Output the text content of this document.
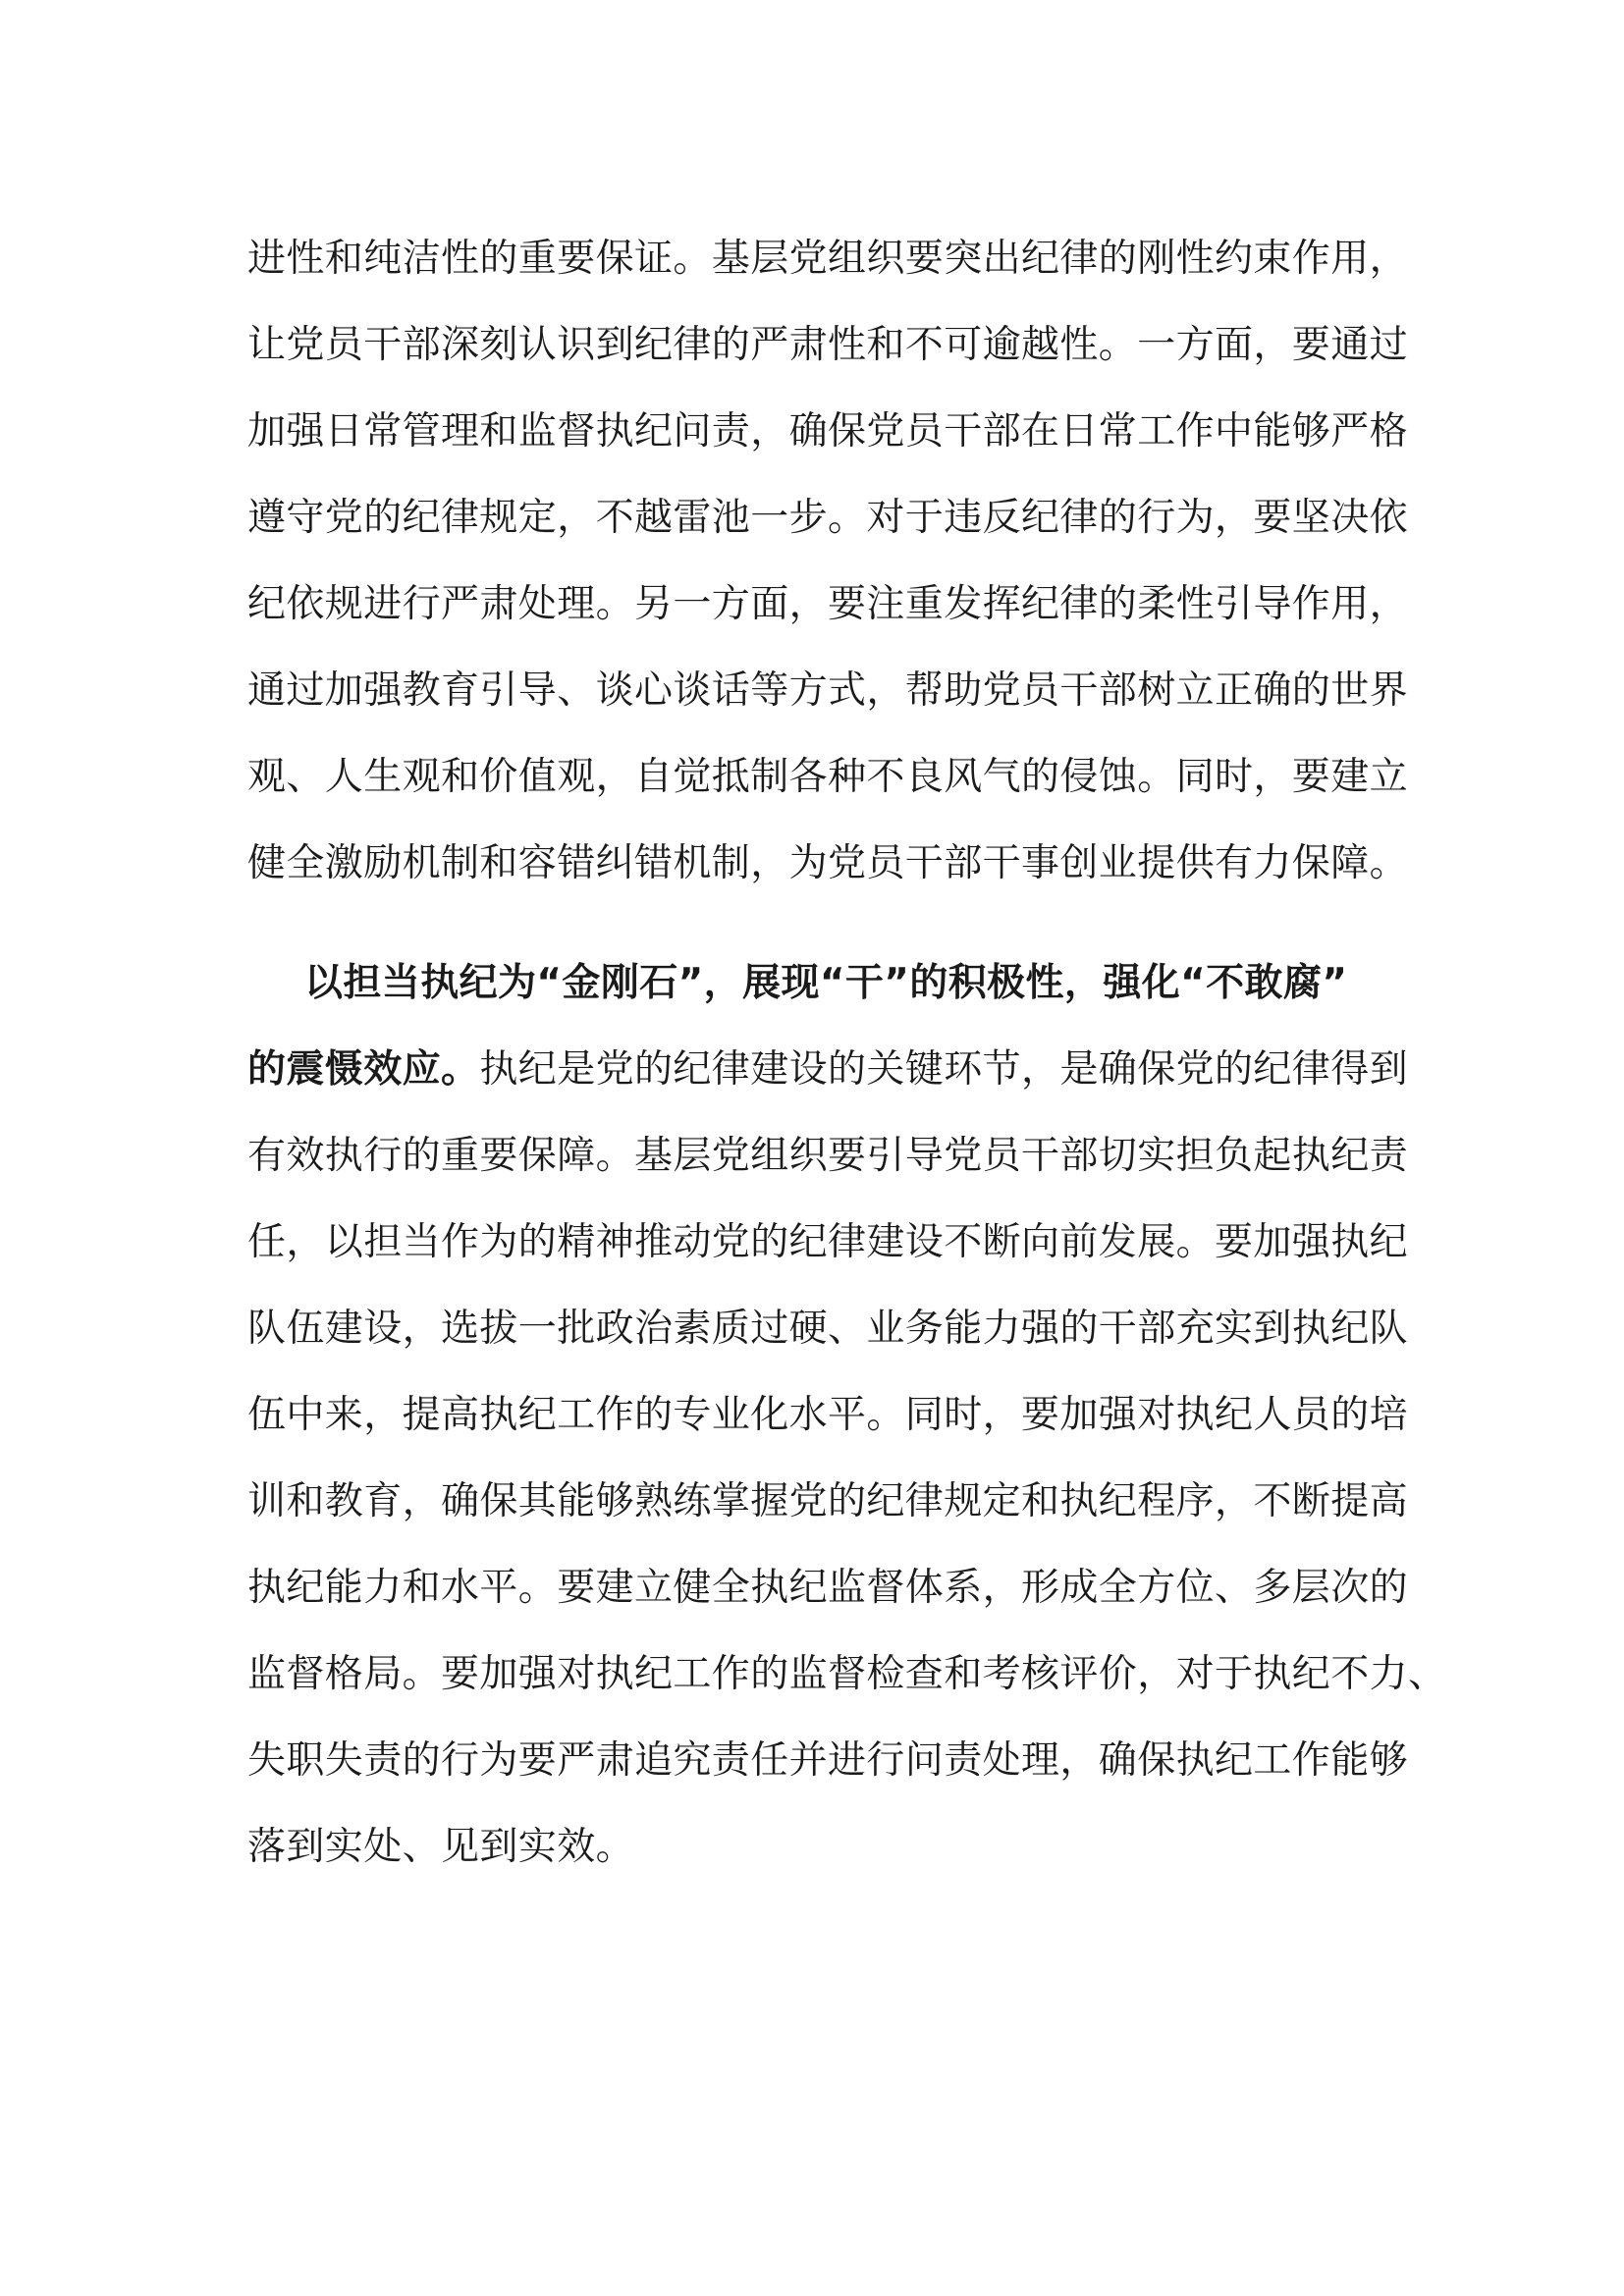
进性和纯洁性的重要保证。基层党组织要突出纪律的刚性约束作用，
让党员干部深刻认识到纪律的严肃性和不可逾越性。一方面，要通过
加强日常管理和监督执纪问责，确保党员干部在日常工作中能够严格
遵守党的纪律规定，不越雷池一步。对于违反纪律的行为，要坚决依
纪依规进行严肃处理。另一方面，要注重发挥纪律的柔性引导作用，
通过加强教育引导、谈心谈话等方式，帮助党员干部树立正确的世界
观、人生观和价值观，自觉抵制各种不良风气的侵蚀。同时，要建立
健全激励机制和容错纠错机制，为党员干部干事创业提供有力保障。
以担当执纪为“金刚石”，展现“干”的积极性，强化“不敢腐”
的震慑效应。执纪是党的纪律建设的关键环节，是确保党的纪律得到
有效执行的重要保障。基层党组织要引导党员干部切实担负起执纪责
任，以担当作为的精神推动党的纪律建设不断向前发展。要加强执纪
队伍建设，选拔一批政治素质过硬、业务能力强的干部充实到执纪队
伍中来，提高执纪工作的专业化水平。同时，要加强对执纪人员的培
训和教育，确保其能够熟练掌握党的纪律规定和执纪程序，不断提高
执纪能力和水平。要建立健全执纪监督体系，形成全方位、多层次的
监督格局。要加强对执纪工作的监督检查和考核评价，对于执纪不力、
失职失责的行为要严肃追究责任并进行问责处理，确保执纪工作能够
落到实处、见到实效。
